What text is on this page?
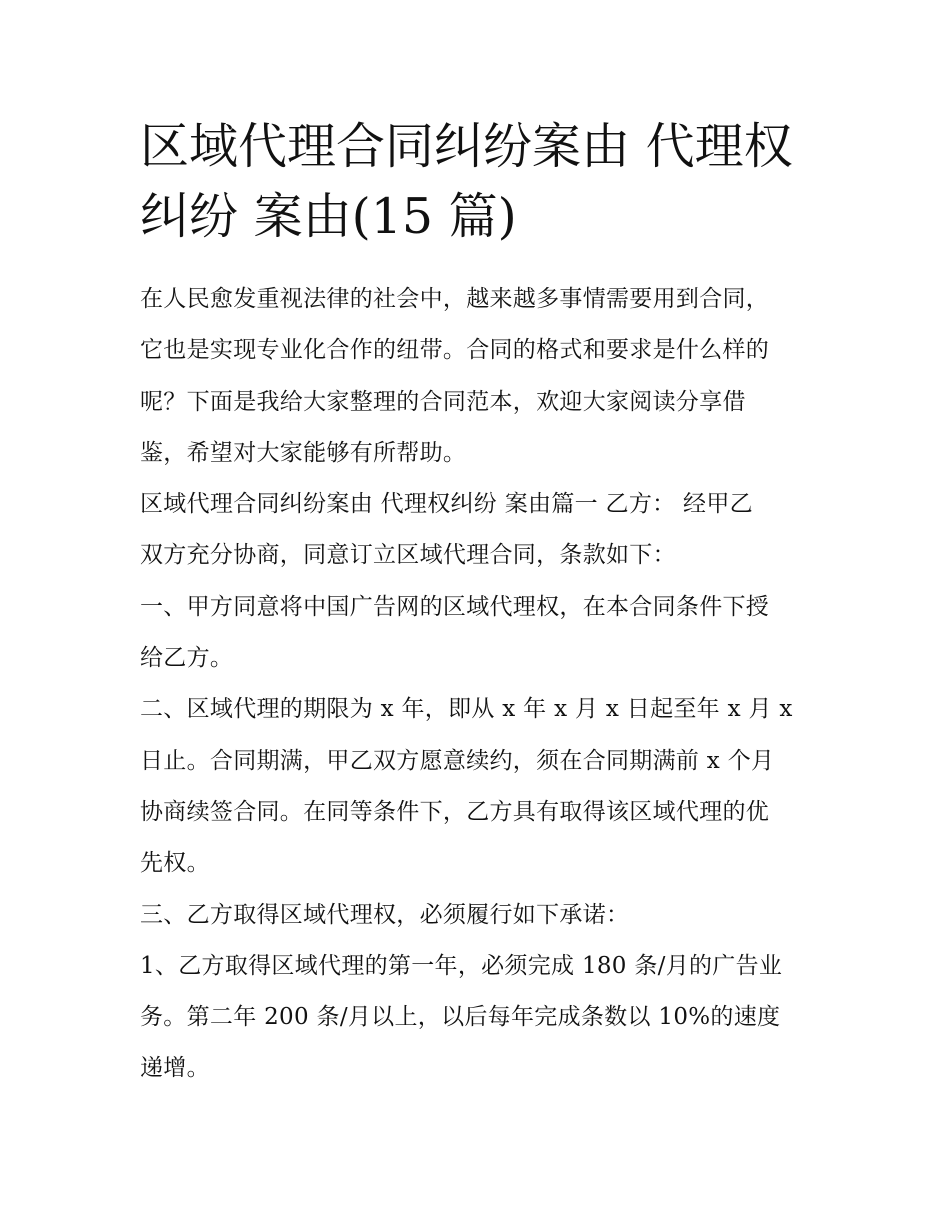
区域代理合同纠纷案由 代理权
纠纷 案由(15 篇)

在人民愈发重视法律的社会中，越来越多事情需要用到合同，
它也是实现专业化合作的纽带。合同的格式和要求是什么样的
呢？下面是我给大家整理的合同范本，欢迎大家阅读分享借
鉴，希望对大家能够有所帮助。

区域代理合同纠纷案由 代理权纠纷 案由篇一 乙方： 经甲乙
双方充分协商，同意订立区域代理合同，条款如下：

一、甲方同意将中国广告网的区域代理权，在本合同条件下授
给乙方。

二、区域代理的期限为 x 年，即从 x 年 x 月 x 日起至年 x 月 x
日止。合同期满，甲乙双方愿意续约，须在合同期满前 x 个月
协商续签合同。在同等条件下，乙方具有取得该区域代理的优
先权。

三、乙方取得区域代理权，必须履行如下承诺：

1、乙方取得区域代理的第一年，必须完成 180 条/月的广告业
务。第二年 200 条/月以上，以后每年完成条数以 10%的速度
递增。
